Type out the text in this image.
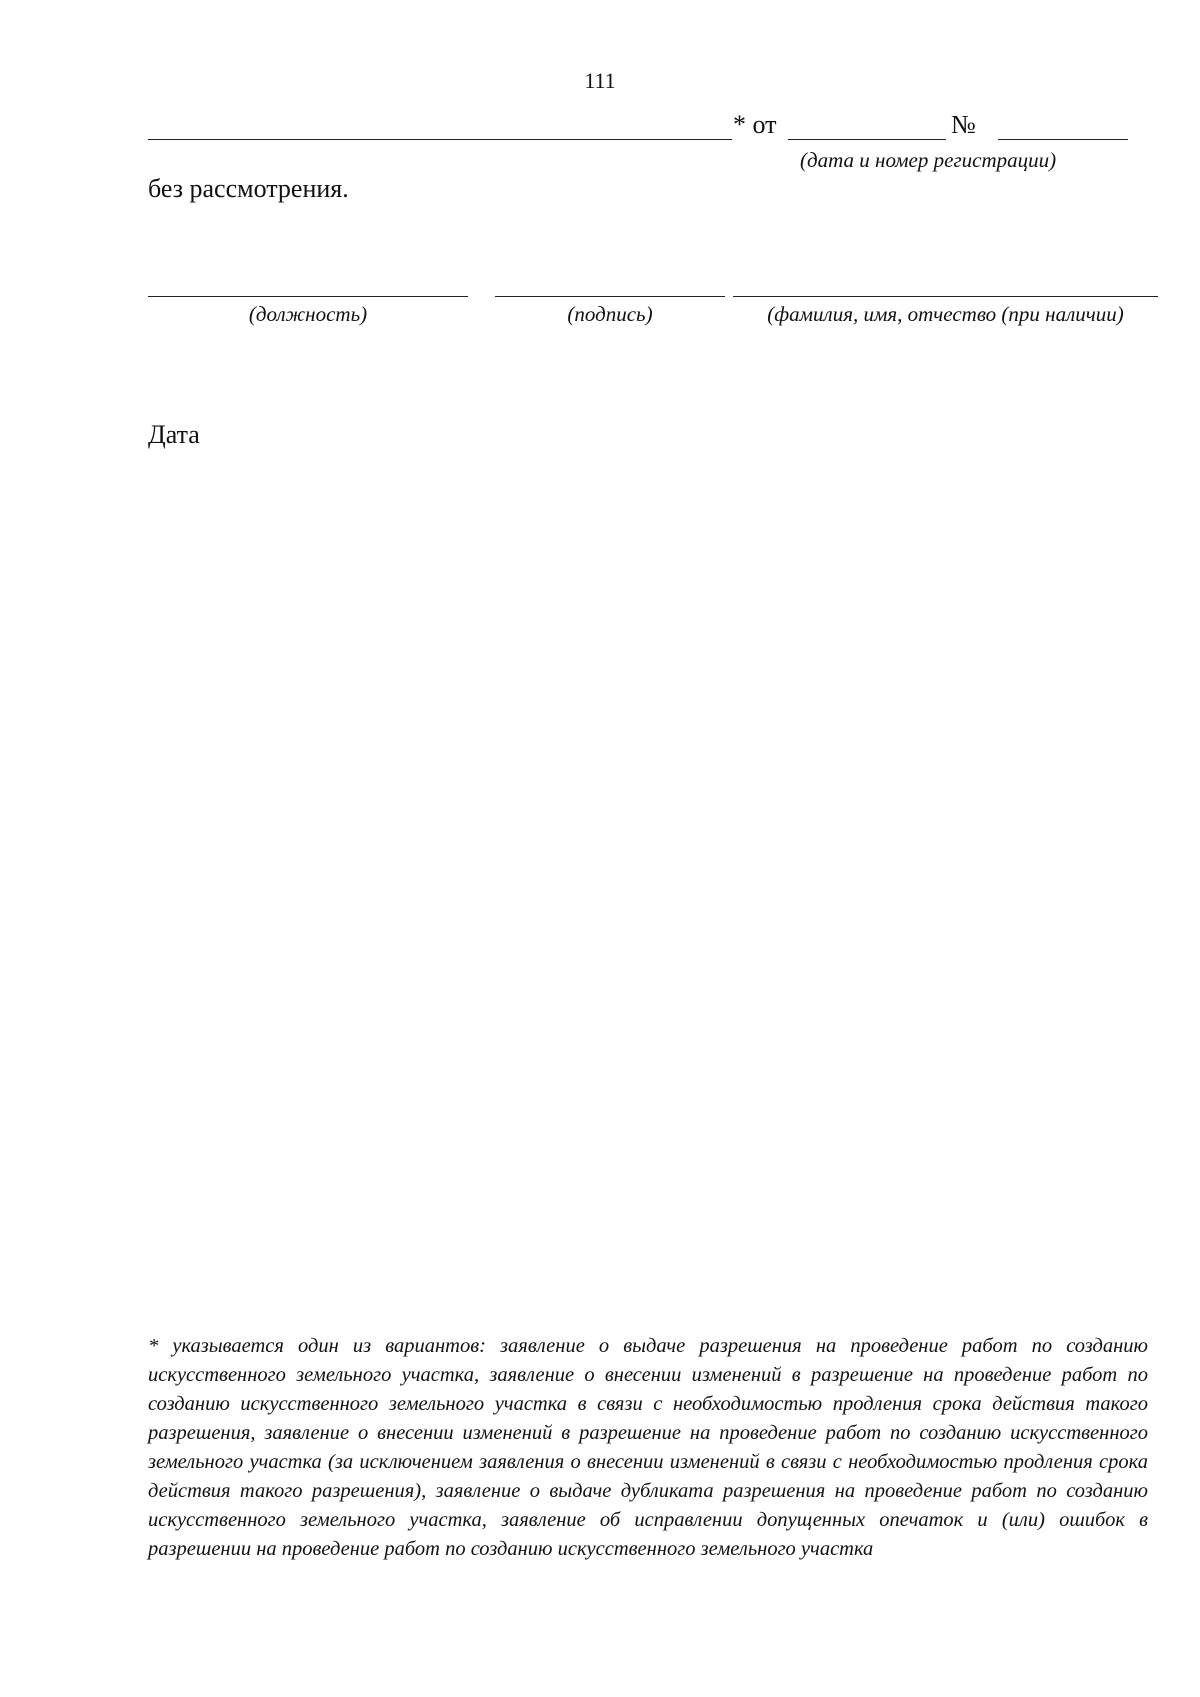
111
* от	№
(дата и номер регистрации)
без рассмотрения.
(должность)	(подпись)	(фамилия, имя, отчество (при наличии)
Дата
* указывается один из вариантов: заявление о выдаче разрешения на проведение работ по созданию искусственного земельного участка, заявление о внесении изменений в разрешение на проведение работ по созданию искусственного земельного участка в связи с необходимостью продления срока действия такого разрешения, заявление о внесении изменений в разрешение на проведение работ по созданию искусственного земельного участка (за исключением заявления о внесении изменений в связи с необходимостью продления срока действия такого разрешения), заявление о выдаче дубликата разрешения на проведение работ по созданию искусственного земельного участка, заявление об исправлении допущенных опечаток и (или) ошибок в разрешении на проведение работ по созданию искусственного земельного участка
